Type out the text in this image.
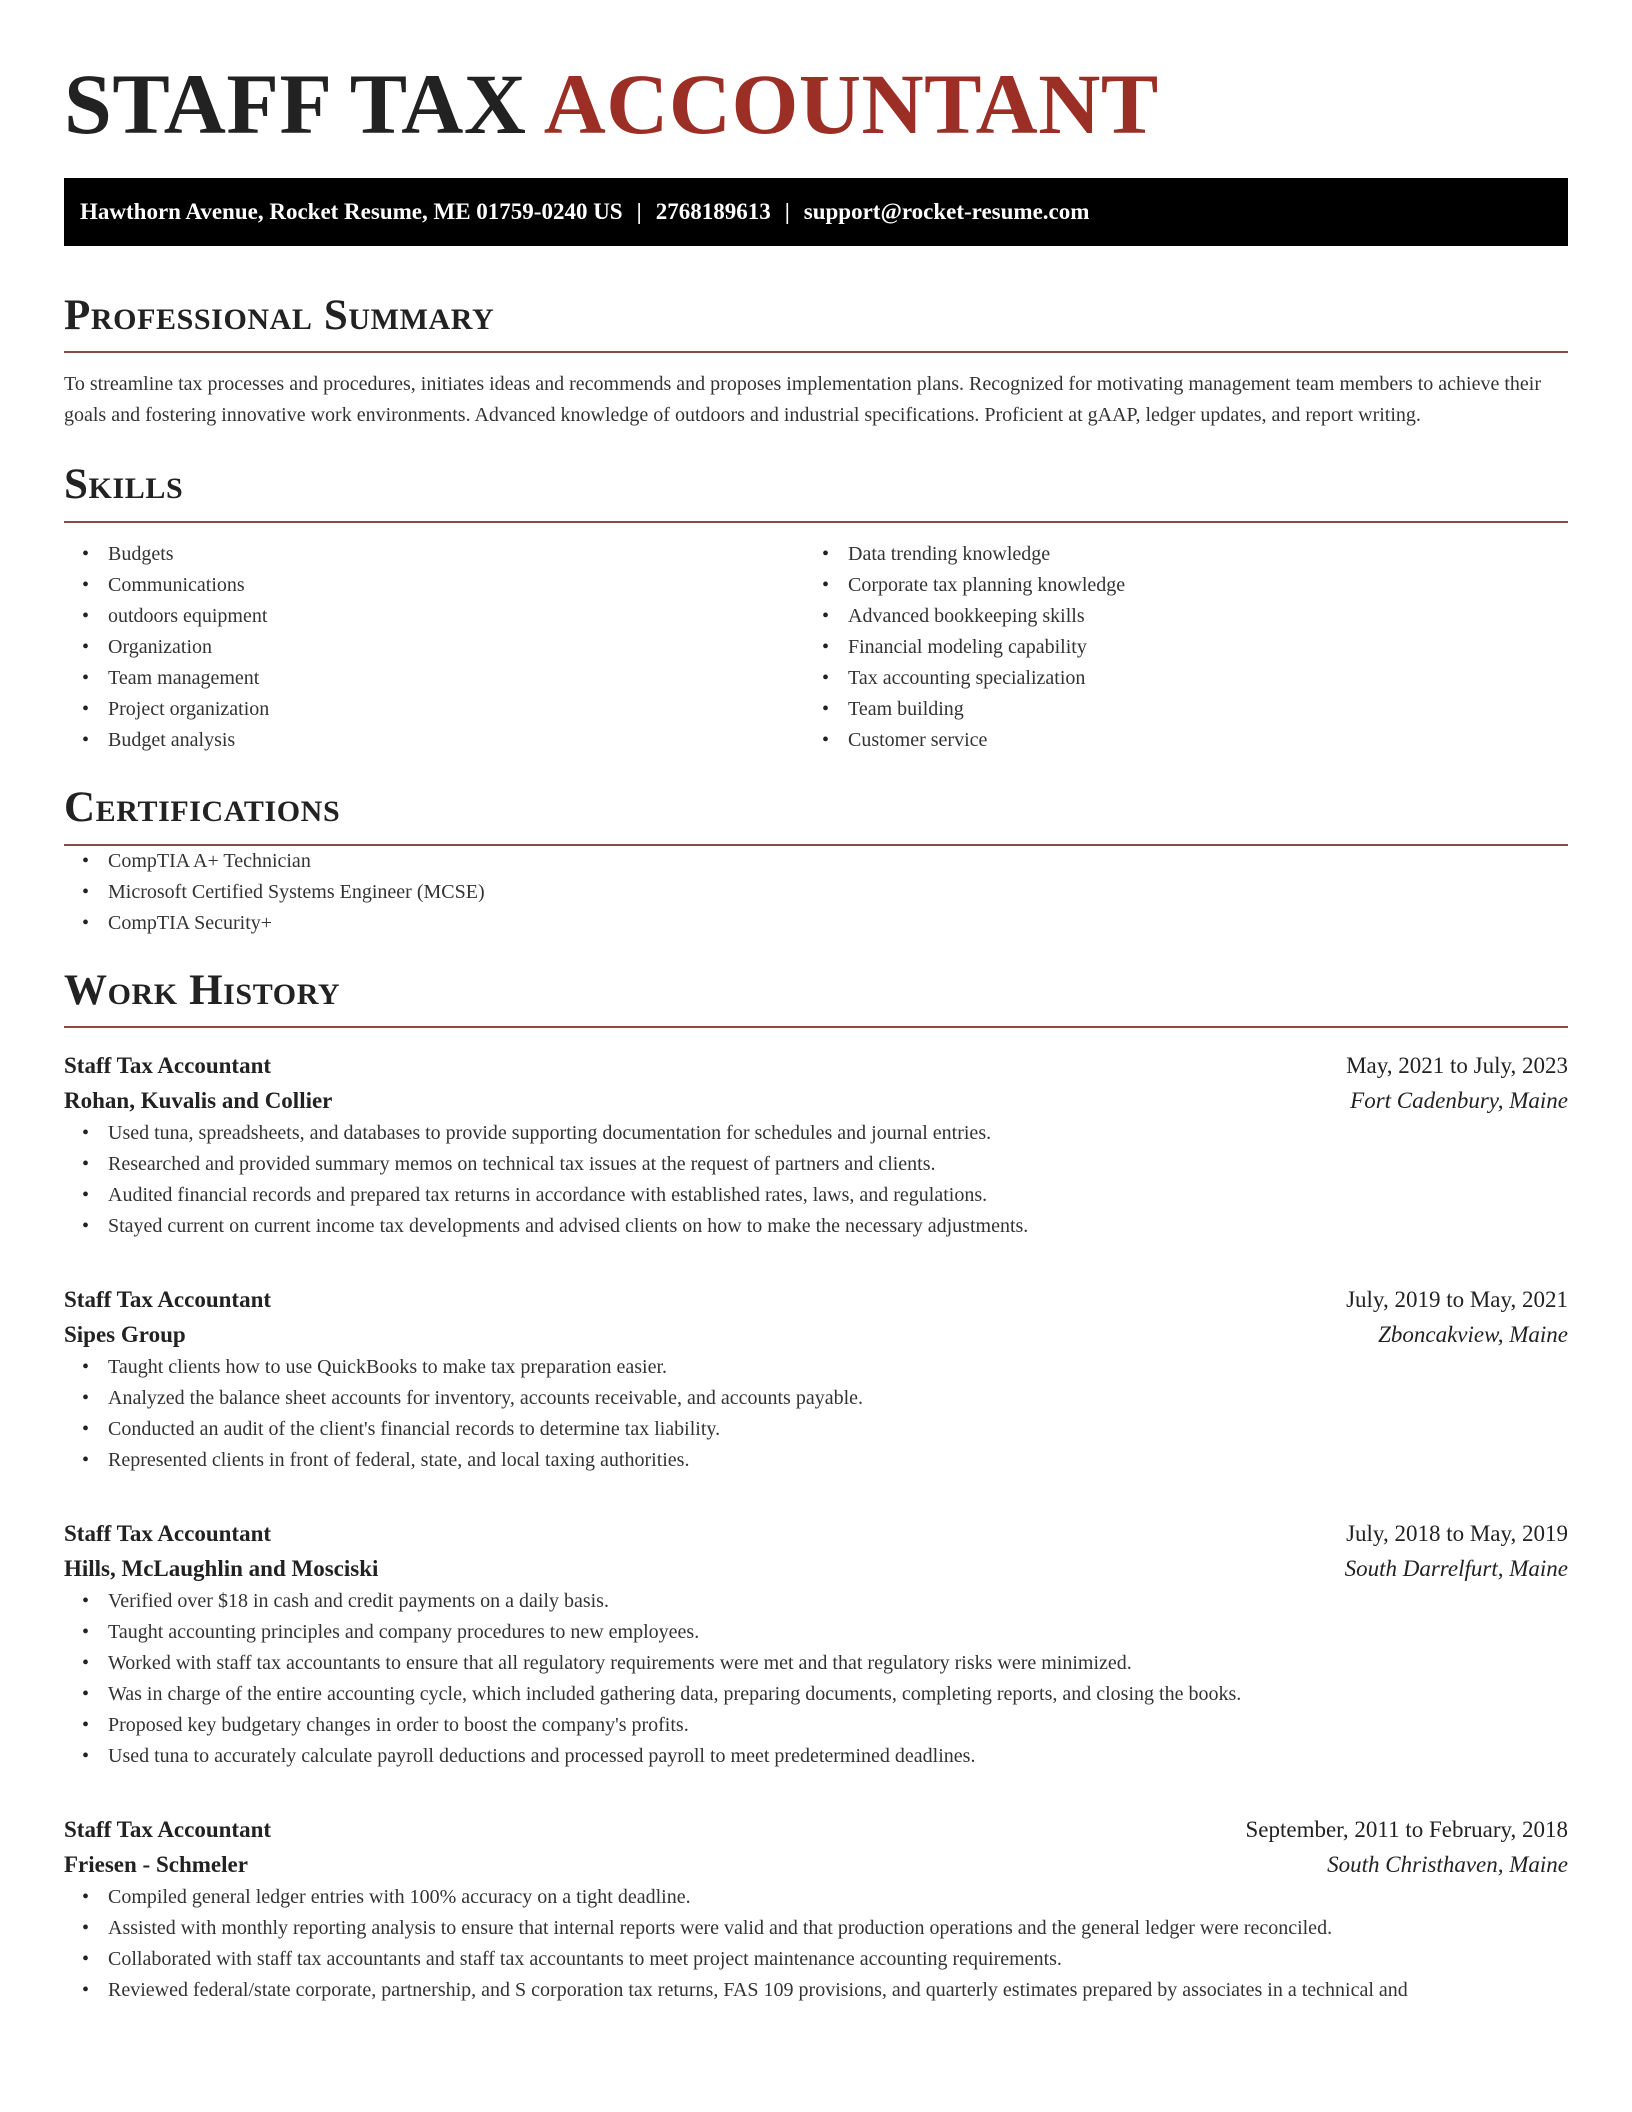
STAFF TAX ACCOUNTANT
Hawthorn Avenue, Rocket Resume, ME 01759-0240 US | 2768189613 | support@rocket-resume.com
Professional Summary

To streamline tax processes and procedures, initiates ideas and recommends and proposes implementation plans. Recognized for motivating management team members to achieve their goals and fostering innovative work environments. Advanced knowledge of outdoors and industrial specifications. Proficient at gAAP, ledger updates, and report writing.

Skills
• Budgets
• Communications
• outdoors equipment
• Organization
• Team management
• Project organization
• Budget analysis
• Data trending knowledge
• Corporate tax planning knowledge
• Advanced bookkeeping skills
• Financial modeling capability
• Tax accounting specialization
• Team building
• Customer service
Certifications
• CompTIA A+ Technician
• Microsoft Certified Systems Engineer (MCSE)
• CompTIA Security+
Work History
Staff Tax Accountant	May, 2021 to July, 2023
Rohan, Kuvalis and Collier	Fort Cadenbury, Maine
• Used tuna, spreadsheets, and databases to provide supporting documentation for schedules and journal entries.
• Researched and provided summary memos on technical tax issues at the request of partners and clients.
• Audited financial records and prepared tax returns in accordance with established rates, laws, and regulations.
• Stayed current on current income tax developments and advised clients on how to make the necessary adjustments.
Staff Tax Accountant	July, 2019 to May, 2021
Sipes Group	Zboncakview, Maine
• Taught clients how to use QuickBooks to make tax preparation easier.
• Analyzed the balance sheet accounts for inventory, accounts receivable, and accounts payable.
• Conducted an audit of the client's financial records to determine tax liability.
• Represented clients in front of federal, state, and local taxing authorities.
Staff Tax Accountant	July, 2018 to May, 2019
Hills, McLaughlin and Mosciski	South Darrelfurt, Maine
• Verified over $18 in cash and credit payments on a daily basis.
• Taught accounting principles and company procedures to new employees.
• Worked with staff tax accountants to ensure that all regulatory requirements were met and that regulatory risks were minimized.
• Was in charge of the entire accounting cycle, which included gathering data, preparing documents, completing reports, and closing the books.
• Proposed key budgetary changes in order to boost the company's profits.
• Used tuna to accurately calculate payroll deductions and processed payroll to meet predetermined deadlines.
Staff Tax Accountant	September, 2011 to February, 2018
Friesen - Schmeler	South Christhaven, Maine
• Compiled general ledger entries with 100% accuracy on a tight deadline.
• Assisted with monthly reporting analysis to ensure that internal reports were valid and that production operations and the general ledger were reconciled.
• Collaborated with staff tax accountants and staff tax accountants to meet project maintenance accounting requirements.
• Reviewed federal/state corporate, partnership, and S corporation tax returns, FAS 109 provisions, and quarterly estimates prepared by associates in a technical and
